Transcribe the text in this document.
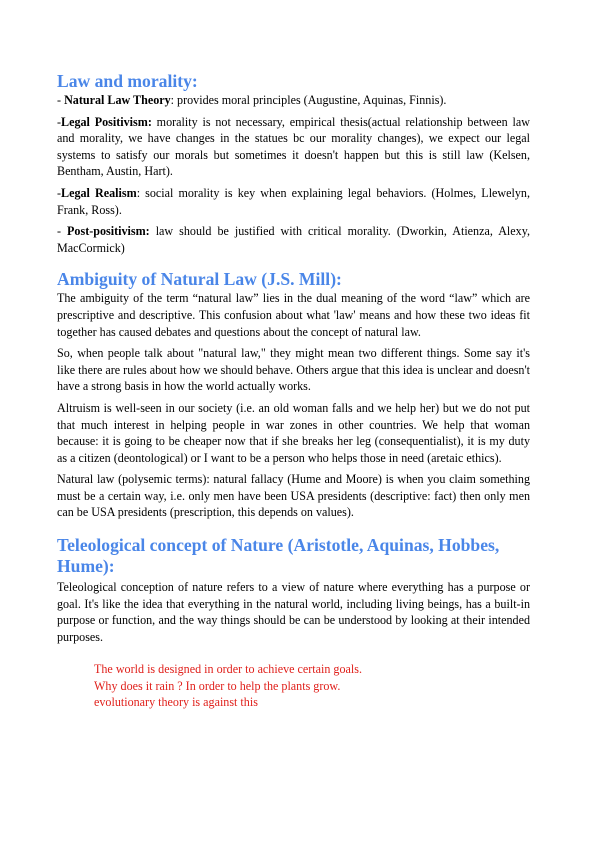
Law and morality:

- Natural Law Theory: provides moral principles (Augustine, Aquinas, Finnis).

-Legal Positivism: morality is not necessary, empirical thesis(actual relationship between law and morality, we have changes in the statues bc our morality changes), we expect our legal systems to satisfy our morals but sometimes it doesn't happen but this is still law (Kelsen, Bentham, Austin, Hart).

-Legal Realism: social morality is key when explaining legal behaviors. (Holmes, Llewelyn, Frank, Ross).

- Post-positivism: law should be justified with critical morality. (Dworkin, Atienza, Alexy, MacCormick)

Ambiguity of Natural Law (J.S. Mill):

The ambiguity of the term “natural law” lies in the dual meaning of the word “law” which are prescriptive and descriptive. This confusion about what 'law' means and how these two ideas fit together has caused debates and questions about the concept of natural law.

So, when people talk about "natural law," they might mean two different things. Some say it's like there are rules about how we should behave. Others argue that this idea is unclear and doesn't have a strong basis in how the world actually works.

Altruism is well-seen in our society (i.e. an old woman falls and we help her) but we do not put that much interest in helping people in war zones in other countries. We help that woman because: it is going to be cheaper now that if she breaks her leg (consequentialist), it is my duty as a citizen (deontological) or I want to be a person who helps those in need (aretaic ethics).

Natural law (polysemic terms): natural fallacy (Hume and Moore) is when you claim something must be a certain way, i.e. only men have been USA presidents (descriptive: fact) then only men can be USA presidents (prescription, this depends on values).

Teleological concept of Nature (Aristotle, Aquinas, Hobbes, Hume):

Teleological conception of nature refers to a view of nature where everything has a purpose or goal. It's like the idea that everything in the natural world, including living beings, has a built-in purpose or function, and the way things should be can be understood by looking at their intended purposes.

The world is designed in order to achieve certain goals.
Why does it rain ? In order to help the plants grow.
evolutionary theory is against this
